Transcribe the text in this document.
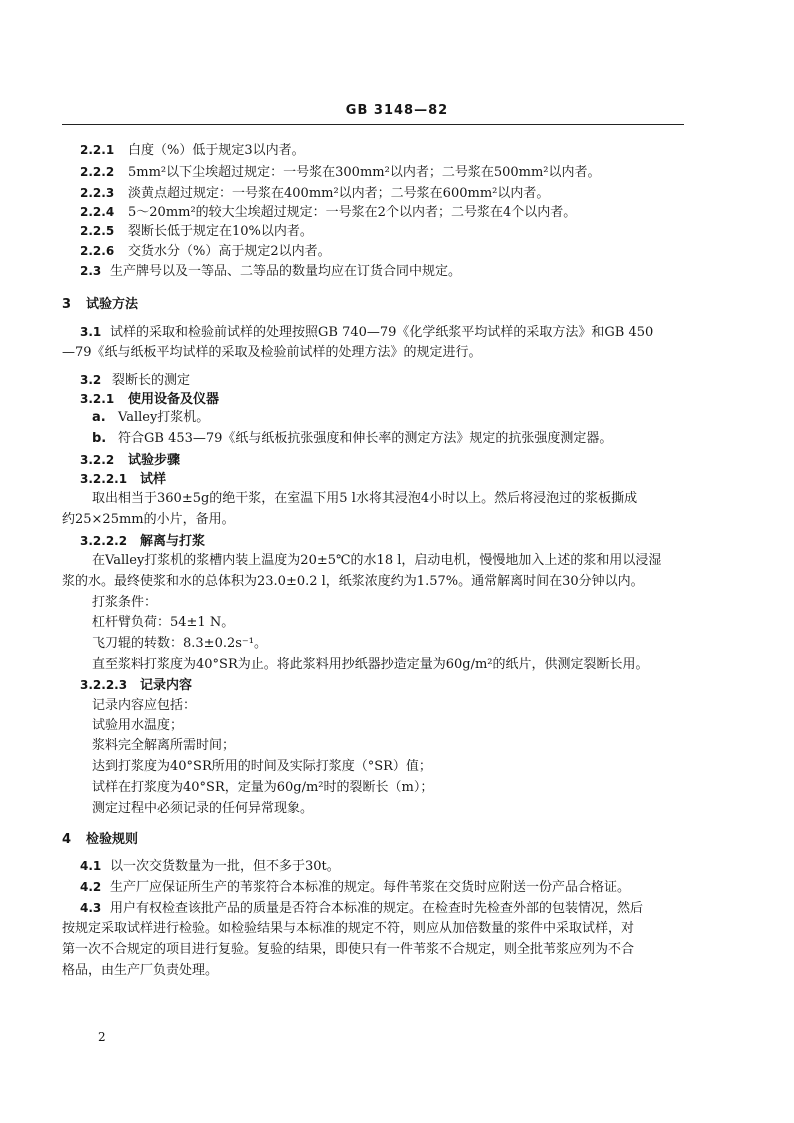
GB 3148—82
2.2.1 白度（%）低于规定3以内者。
2.2.2 5mm²以下尘埃超过规定：一号浆在300mm²以内者；二号浆在500mm²以内者。
2.2.3 淡黄点超过规定：一号浆在400mm²以内者；二号浆在600mm²以内者。
2.2.4 5～20mm²的较大尘埃超过规定：一号浆在2个以内者；二号浆在4个以内者。
2.2.5 裂断长低于规定在10%以内者。
2.2.6 交货水分（%）高于规定2以内者。
2.3 生产牌号以及一等品、二等品的数量均应在订货合同中规定。
3 试验方法
3.1 试样的采取和检验前试样的处理按照GB 740—79《化学纸浆平均试样的采取方法》和GB 450
—79《纸与纸板平均试样的采取及检验前试样的处理方法》的规定进行。
3.2 裂断长的测定
3.2.1 使用设备及仪器
a. Valley打浆机。
b. 符合GB 453—79《纸与纸板抗张强度和伸长率的测定方法》规定的抗张强度测定器。
3.2.2 试验步骤
3.2.2.1 试样
取出相当于360±5g的绝干浆，在室温下用5 l水将其浸泡4小时以上。然后将浸泡过的浆板撕成
约25×25mm的小片，备用。
3.2.2.2 解离与打浆
在Valley打浆机的浆槽内装上温度为20±5℃的水18 l，启动电机，慢慢地加入上述的浆和用以浸湿
浆的水。最终使浆和水的总体积为23.0±0.2 l，纸浆浓度约为1.57%。通常解离时间在30分钟以内。
打浆条件：
杠杆臂负荷：54±1 N。
飞刀辊的转数：8.3±0.2s⁻¹。
直至浆料打浆度为40°SR为止。将此浆料用抄纸器抄造定量为60g/m²的纸片，供测定裂断长用。
3.2.2.3 记录内容
记录内容应包括：
试验用水温度；
浆料完全解离所需时间；
达到打浆度为40°SR所用的时间及实际打浆度（°SR）值；
试样在打浆度为40°SR，定量为60g/m²时的裂断长（m）；
测定过程中必须记录的任何异常现象。
4 检验规则
4.1 以一次交货数量为一批，但不多于30t。
4.2 生产厂应保证所生产的苇浆符合本标准的规定。每件苇浆在交货时应附送一份产品合格证。
4.3 用户有权检查该批产品的质量是否符合本标准的规定。在检查时先检查外部的包装情况，然后
按规定采取试样进行检验。如检验结果与本标准的规定不符，则应从加倍数量的浆件中采取试样，对
第一次不合规定的项目进行复验。复验的结果，即使只有一件苇浆不合规定，则全批苇浆应列为不合
格品，由生产厂负责处理。
2
